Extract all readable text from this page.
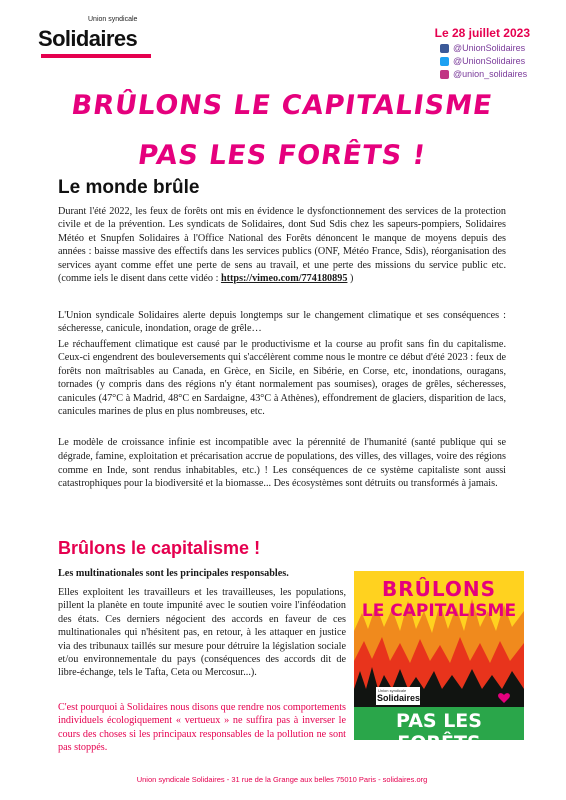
Union syndicale
Solidaires	Le 28 juillet 2023
@UnionSolidaires
@UnionSolidaires
@union_solidaires
BRÛLONS LE CAPITALISME
PAS LES FORÊTS !
Le monde brûle
Durant l'été 2022, les feux de forêts ont mis en évidence le dysfonctionnement des services de la protection civile et de la prévention. Les syndicats de Solidaires, dont Sud Sdis chez les sapeurs-pompiers, Solidaires Météo et Snupfen Solidaires à l'Office National des Forêts dénoncent le manque de moyens depuis des années : baisse massive des effectifs dans les services publics (ONF, Météo France, Sdis), réorganisation des services ayant comme effet une perte de sens au travail, et une perte des missions du service public etc. (comme iels le disent dans cette vidéo : https://vimeo.com/774180895 )
L'Union syndicale Solidaires alerte depuis longtemps sur le changement climatique et ses conséquences : sécheresse, canicule, inondation, orage de grêle…
Le réchauffement climatique est causé par le productivisme et la course au profit sans fin du capitalisme. Ceux-ci engendrent des bouleversements qui s'accélèrent comme nous le montre ce début d'été 2023 : feux de forêts non maîtrisables au Canada, en Grèce, en Sicile, en Sibérie, en Corse, etc, inondations, ouragans, tornades (y compris dans des régions n'y étant normalement pas soumises), orages de grêles, sécheresses, canicules (47°C à Madrid, 48°C en Sardaigne, 43°C à Athènes), effondrement de glaciers, disparition de lacs, canicules marines de plus en plus nombreuses, etc.
Le modèle de croissance infinie est incompatible avec la pérennité de l'humanité (santé publique qui se dégrade, famine, exploitation et précarisation accrue de populations, des villes, des villages, voire des régions comme en Inde, sont rendus inhabitables, etc.) ! Les conséquences de ce système capitaliste sont aussi catastrophiques pour la biodiversité et la biomasse... Des écosystèmes sont détruits ou transformés à jamais.
Brûlons le capitalisme !
Les multinationales sont les principales responsables.
Elles exploitent les travailleurs et les travailleuses, les populations, pillent la planète en toute impunité avec le soutien voire l'inféodation des états. Ces derniers négocient des accords en faveur de ces multinationales qui n'hésitent pas, en retour, à les attaquer en justice via des tribunaux taillés sur mesure pour détruire la législation sociale et/ou environnementale du pays (conséquences des accords dit de libre-échange, tels le Tafta, Ceta ou Mercosur...).
C'est pourquoi à Solidaires nous disons que rendre nos comportements individuels écologiquement « vertueux » ne suffira pas à inverser le cours des choses si les principaux responsables de la pollution ne sont pas stoppés.
BRÛLONS
LE CAPITALISME
Union syndicale
Solidaires
PAS LES FORÊTS
Union syndicale Solidaires - 31 rue de la Grange aux belles 75010 Paris - solidaires.org
